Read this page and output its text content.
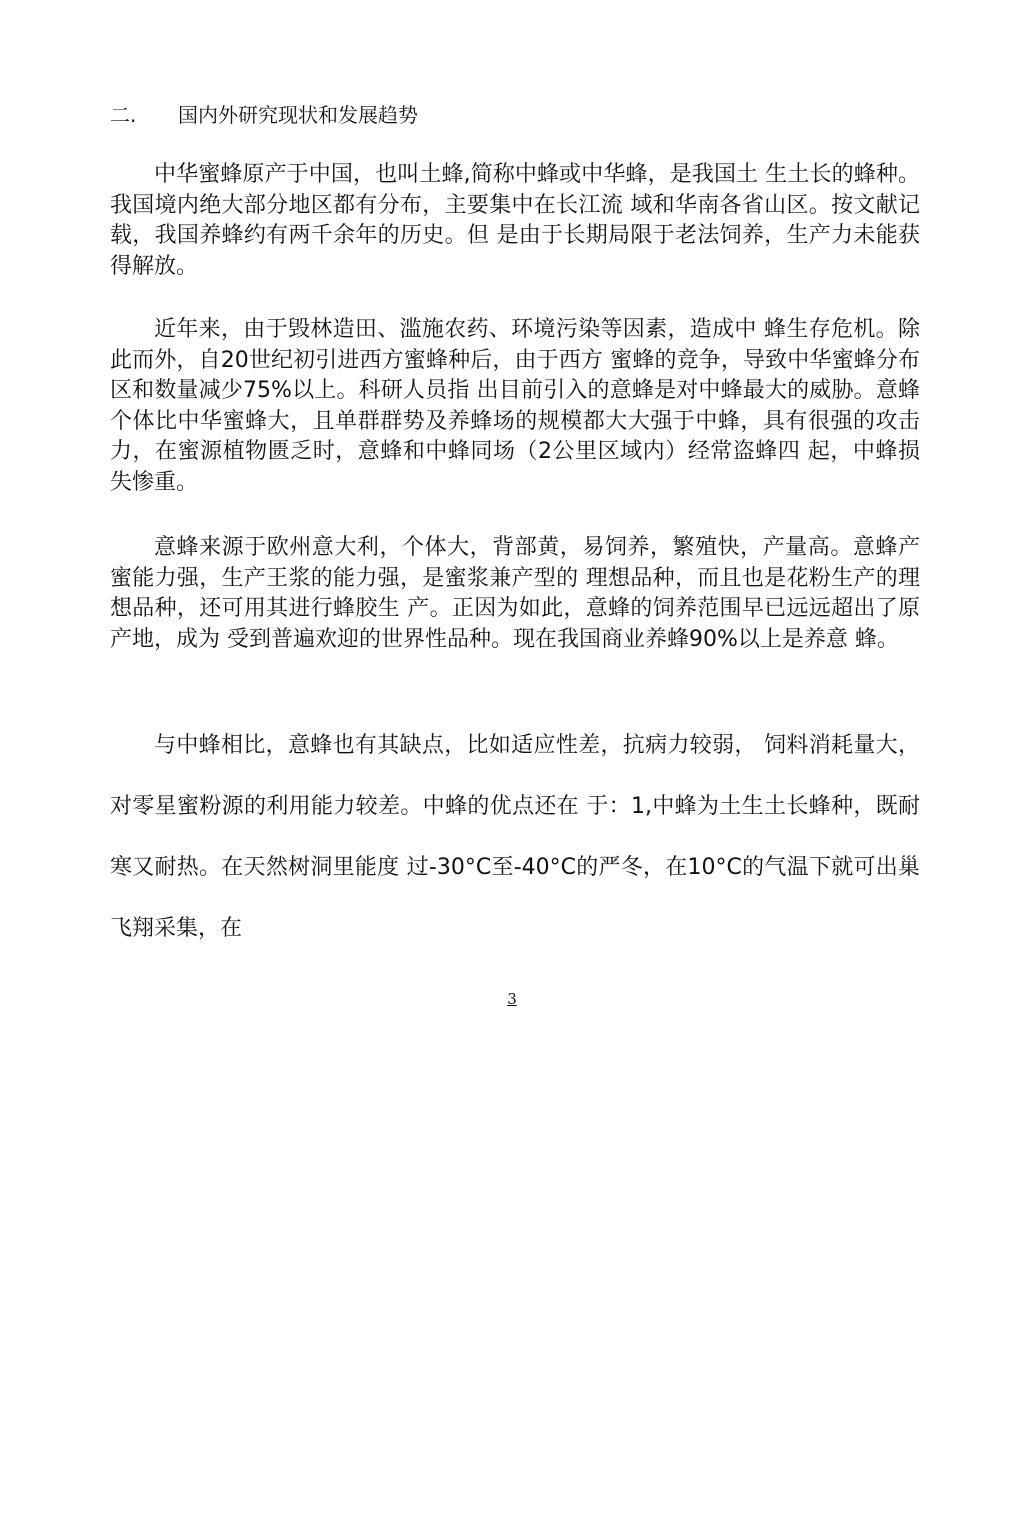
二. 国内外研究现状和发展趋势

中华蜜蜂原产于中国，也叫土蜂,简称中蜂或中华蜂，是我国土 生土长的蜂种。我国境内绝大部分地区都有分布，主要集中在长江流 域和华南各省山区。按文献记载，我国养蜂约有两千余年的历史。但 是由于长期局限于老法饲养，生产力未能获得解放。

近年来，由于毁林造田、滥施农药、环境污染等因素，造成中 蜂生存危机。除此而外，自20世纪初引进西方蜜蜂种后，由于西方 蜜蜂的竞争，导致中华蜜蜂分布区和数量减少75%以上。科研人员指 出目前引入的意蜂是对中蜂最大的威胁。意蜂个体比中华蜜蜂大，且单群群势及养蜂场的规模都大大强于中蜂，具有很强的攻击力，在蜜源植物匮乏时，意蜂和中蜂同场（2公里区域内）经常盗蜂四 起，中蜂损失惨重。

意蜂来源于欧州意大利，个体大，背部黄，易饲养，繁殖快，产量高。意蜂产蜜能力强，生产王浆的能力强，是蜜浆兼产型的 理想品种，而且也是花粉生产的理想品种，还可用其进行蜂胶生 产。正因为如此，意蜂的饲养范围早已远远超出了原产地，成为 受到普遍欢迎的世界性品种。现在我国商业养蜂90%以上是养意 蜂。

与中蜂相比，意蜂也有其缺点，比如适应性差，抗病力较弱， 饲料消耗量大，对零星蜜粉源的利用能力较差。中蜂的优点还在 于：1,中蜂为土生土长蜂种，既耐寒又耐热。在天然树洞里能度 过-30°C至-40°C的严冬，在10°C的气温下就可出巢飞翔采集，在

3
